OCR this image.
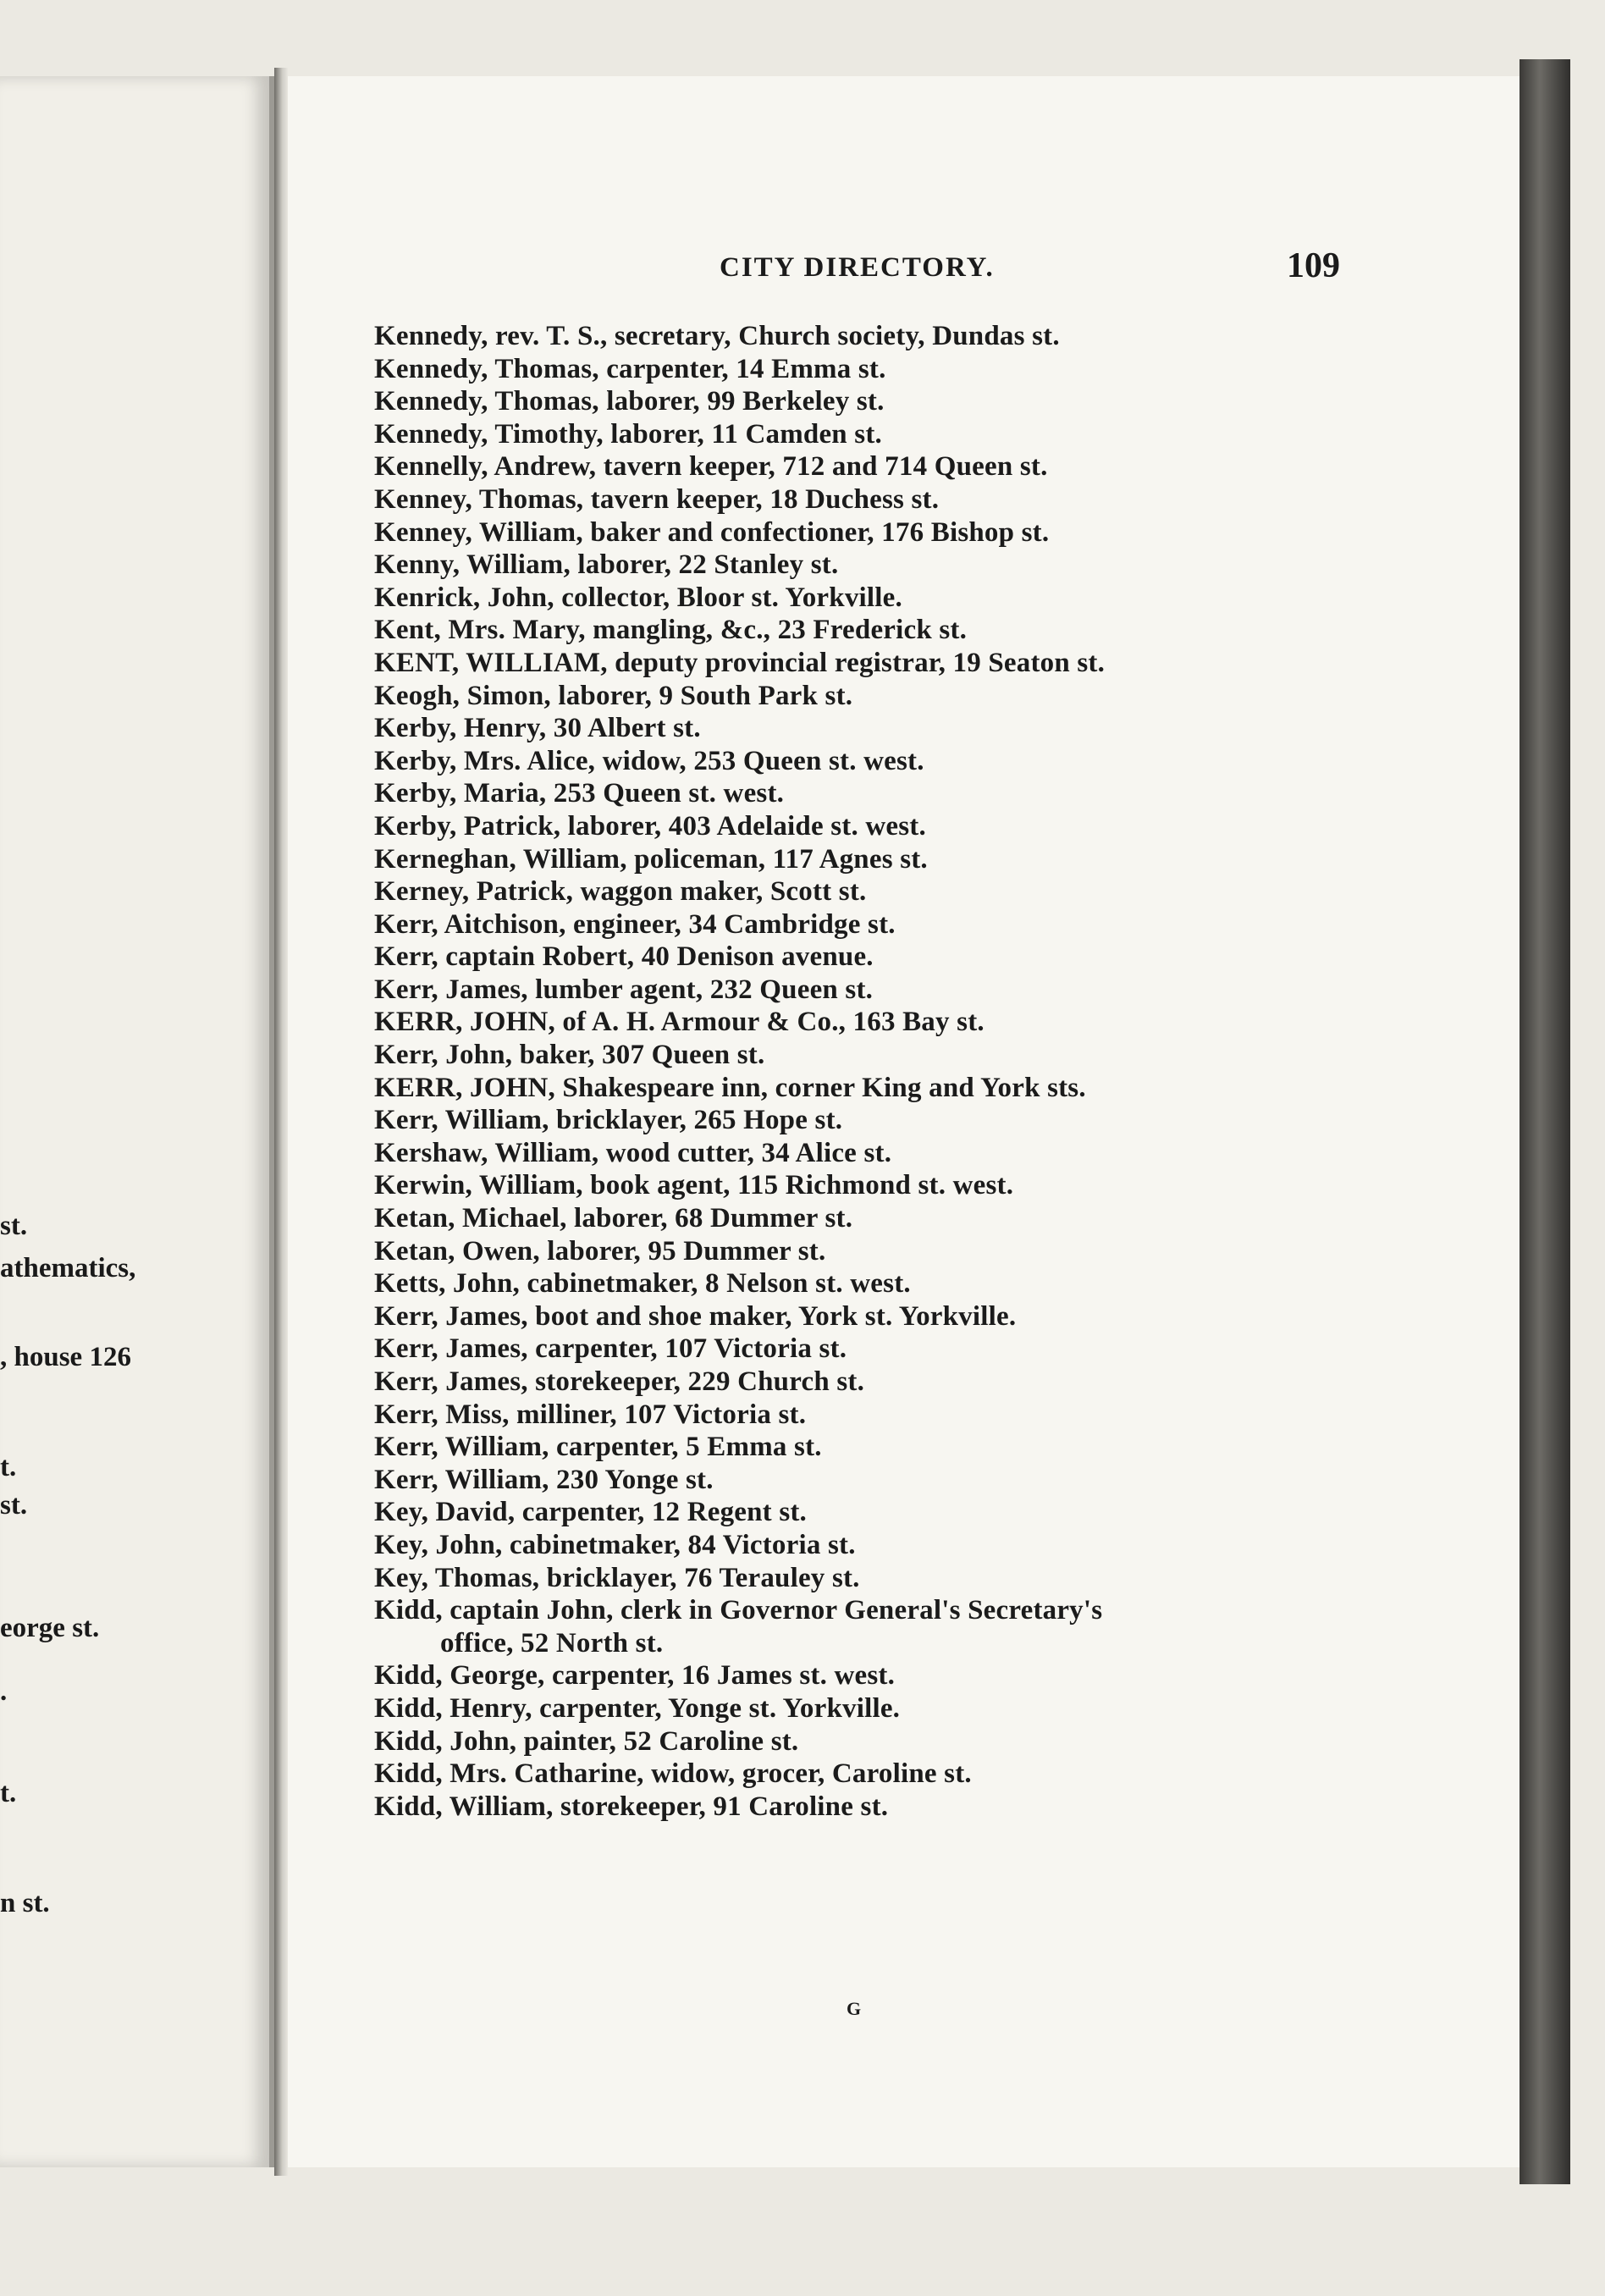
st.
athematics,
, house 126
t.
st.
eorge st.
.
t.
n st.
CITY DIRECTORY.	109
Kennedy, rev. T. S., secretary, Church society, Dundas st.
Kennedy, Thomas, carpenter, 14 Emma st.
Kennedy, Thomas, laborer, 99 Berkeley st.
Kennedy, Timothy, laborer, 11 Camden st.
Kennelly, Andrew, tavern keeper, 712 and 714 Queen st.
Kenney, Thomas, tavern keeper, 18 Duchess st.
Kenney, William, baker and confectioner, 176 Bishop st.
Kenny, William, laborer, 22 Stanley st.
Kenrick, John, collector, Bloor st. Yorkville.
Kent, Mrs. Mary, mangling, &c., 23 Frederick st.
KENT, WILLIAM, deputy provincial registrar, 19 Seaton st.
Keogh, Simon, laborer, 9 South Park st.
Kerby, Henry, 30 Albert st.
Kerby, Mrs. Alice, widow, 253 Queen st. west.
Kerby, Maria, 253 Queen st. west.
Kerby, Patrick, laborer, 403 Adelaide st. west.
Kerneghan, William, policeman, 117 Agnes st.
Kerney, Patrick, waggon maker, Scott st.
Kerr, Aitchison, engineer, 34 Cambridge st.
Kerr, captain Robert, 40 Denison avenue.
Kerr, James, lumber agent, 232 Queen st.
KERR, JOHN, of A. H. Armour & Co., 163 Bay st.
Kerr, John, baker, 307 Queen st.
KERR, JOHN, Shakespeare inn, corner King and York sts.
Kerr, William, bricklayer, 265 Hope st.
Kershaw, William, wood cutter, 34 Alice st.
Kerwin, William, book agent, 115 Richmond st. west.
Ketan, Michael, laborer, 68 Dummer st.
Ketan, Owen, laborer, 95 Dummer st.
Ketts, John, cabinetmaker, 8 Nelson st. west.
Kerr, James, boot and shoe maker, York st. Yorkville.
Kerr, James, carpenter, 107 Victoria st.
Kerr, James, storekeeper, 229 Church st.
Kerr, Miss, milliner, 107 Victoria st.
Kerr, William, carpenter, 5 Emma st.
Kerr, William, 230 Yonge st.
Key, David, carpenter, 12 Regent st.
Key, John, cabinetmaker, 84 Victoria st.
Key, Thomas, bricklayer, 76 Terauley st.
Kidd, captain John, clerk in Governor General's Secretary's
office, 52 North st.
Kidd, George, carpenter, 16 James st. west.
Kidd, Henry, carpenter, Yonge st. Yorkville.
Kidd, John, painter, 52 Caroline st.
Kidd, Mrs. Catharine, widow, grocer, Caroline st.
Kidd, William, storekeeper, 91 Caroline st.
G
